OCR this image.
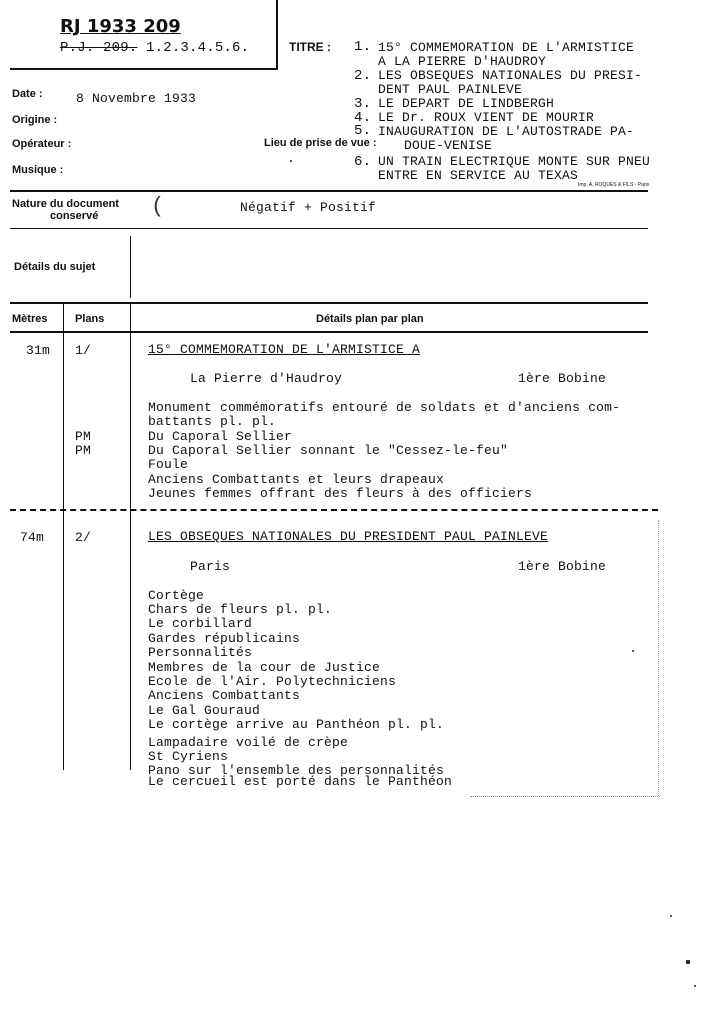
RJ 1933 209
P.J. 209. 1.2.3.4.5.6.	TITRE : 1. 15° COMMEMORATION DE L'ARMISTICE
A LA PIERRE D'HAUDROY
2. LES OBSEQUES NATIONALES DU PRESI-
DENT PAUL PAINLEVE
3. LE DEPART DE LINDBERGH
4. LE Dr. ROUX VIENT DE MOURIR
5. INAUGURATION DE L'AUTOSTRADE PA-
DOUE-VENISE
6. UN TRAIN ELECTRIQUE MONTE SUR PNEU
ENTRE EN SERVICE AU TEXAS
Imp. A. ROQUES & FILS - Paris
Date :	8 Novembre 1933
Origine :
Opérateur :
Musique :
Lieu de prise de vue :
Nature du document
conservé (	Négatif + Positif
Détails du sujet
Mètres	Plans	Détails plan par plan
31m 1/	15° COMMEMORATION DE L'ARMISTICE A
La Pierre d'Haudroy	1ère Bobine
Monument commémoratifs entouré de soldats et d'anciens com-
battants pl. pl.
PM	Du Caporal Sellier
PM	Du Caporal Sellier sonnant le "Cessez-le-feu"
Foule
Anciens Combattants et leurs drapeaux
Jeunes femmes offrant des fleurs à des officiers
74m 2/	LES OBSEQUES NATIONALES DU PRESIDENT PAUL PAINLEVE
Paris	1ère Bobine
Cortège
Chars de fleurs pl. pl.
Le corbillard
Gardes républicains
Personnalités
Membres de la cour de Justice
Ecole de l'Air. Polytechniciens
Anciens Combattants
Le Gal Gouraud
Le cortège arrive au Panthéon pl. pl.
Lampadaire voilé de crèpe
St Cyriens
Pano sur l'ensemble des personnalités
Le cercueil est porté dans le Panthéon
